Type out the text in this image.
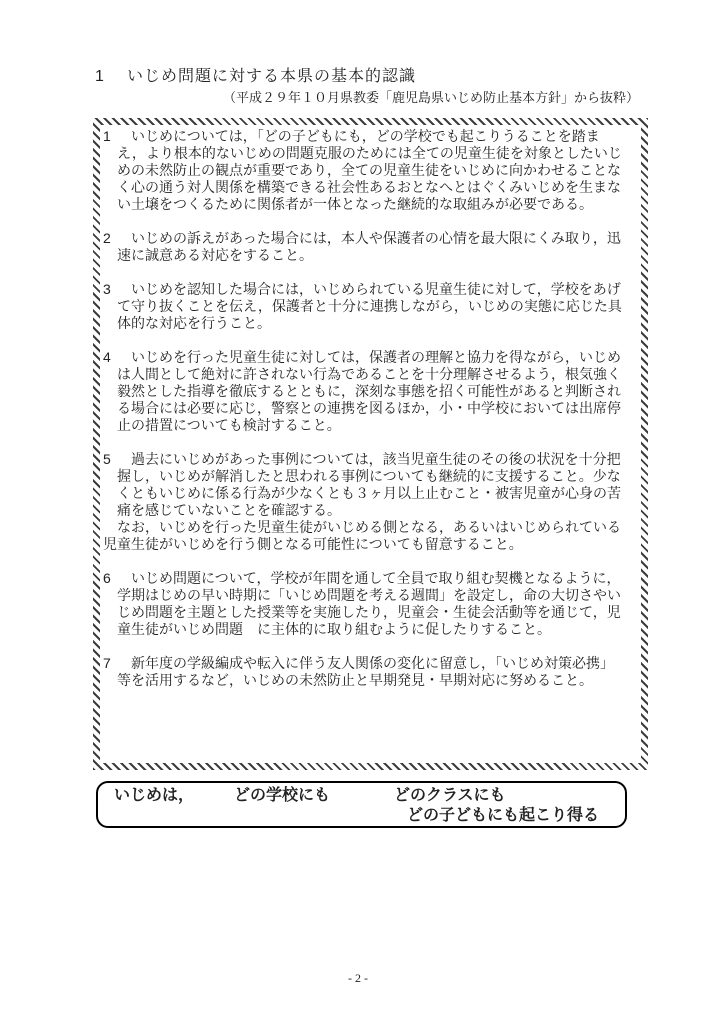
1 いじめ問題に対する本県の基本的認識
（平成２９年１０月県教委「鹿児島県いじめ防止基本方針」から抜粋）
1 いじめについては，「どの子どもにも，どの学校でも起こりうることを踏まえ，より根本的ないじめの問題克服のためには全ての児童生徒を対象としたいじめの未然防止の観点が重要であり，全ての児童生徒をいじめに向かわせることなく心の通う対人関係を構築できる社会性あるおとなへとはぐくみいじめを生まない土壌をつくるために関係者が一体となった継続的な取組みが必要である。
2 いじめの訴えがあった場合には，本人や保護者の心情を最大限にくみ取り，迅速に誠意ある対応をすること。
3 いじめを認知した場合には，いじめられている児童生徒に対して，学校をあげて守り抜くことを伝え，保護者と十分に連携しながら，いじめの実態に応じた具体的な対応を行うこと。
4 いじめを行った児童生徒に対しては，保護者の理解と協力を得ながら，いじめは人間として絶対に許されない行為であることを十分理解させるよう，根気強く毅然とした指導を徹底するとともに，深刻な事態を招く可能性があると判断される場合には必要に応じ，警察との連携を図るほか，小・中学校においては出席停止の措置についても検討すること。
5 過去にいじめがあった事例については，該当児童生徒のその後の状況を十分把握し，いじめが解消したと思われる事例についても継続的に支援すること。少なくともいじめに係る行為が少なくとも３ヶ月以上止むこと・被害児童が心身の苦痛を感じていないことを確認する。
なお，いじめを行った児童生徒がいじめる側となる，あるいはいじめられている児童生徒がいじめを行う側となる可能性についても留意すること。
6 いじめ問題について，学校が年間を通して全員で取り組む契機となるように，学期はじめの早い時期に「いじめ問題を考える週間」を設定し，命の大切さやいじめ問題を主題とした授業等を実施したり，児童会・生徒会活動等を通じて，児童生徒がいじめ問題　に主体的に取り組むように促したりすること。
7 新年度の学級編成や転入に伴う友人関係の変化に留意し，「いじめ対策必携」等を活用するなど，いじめの未然防止と早期発見・早期対応に努めること。
いじめは，　　　どの学校にも　　　　どのクラスにも
どの子どもにも起こり得る
- 2 -
